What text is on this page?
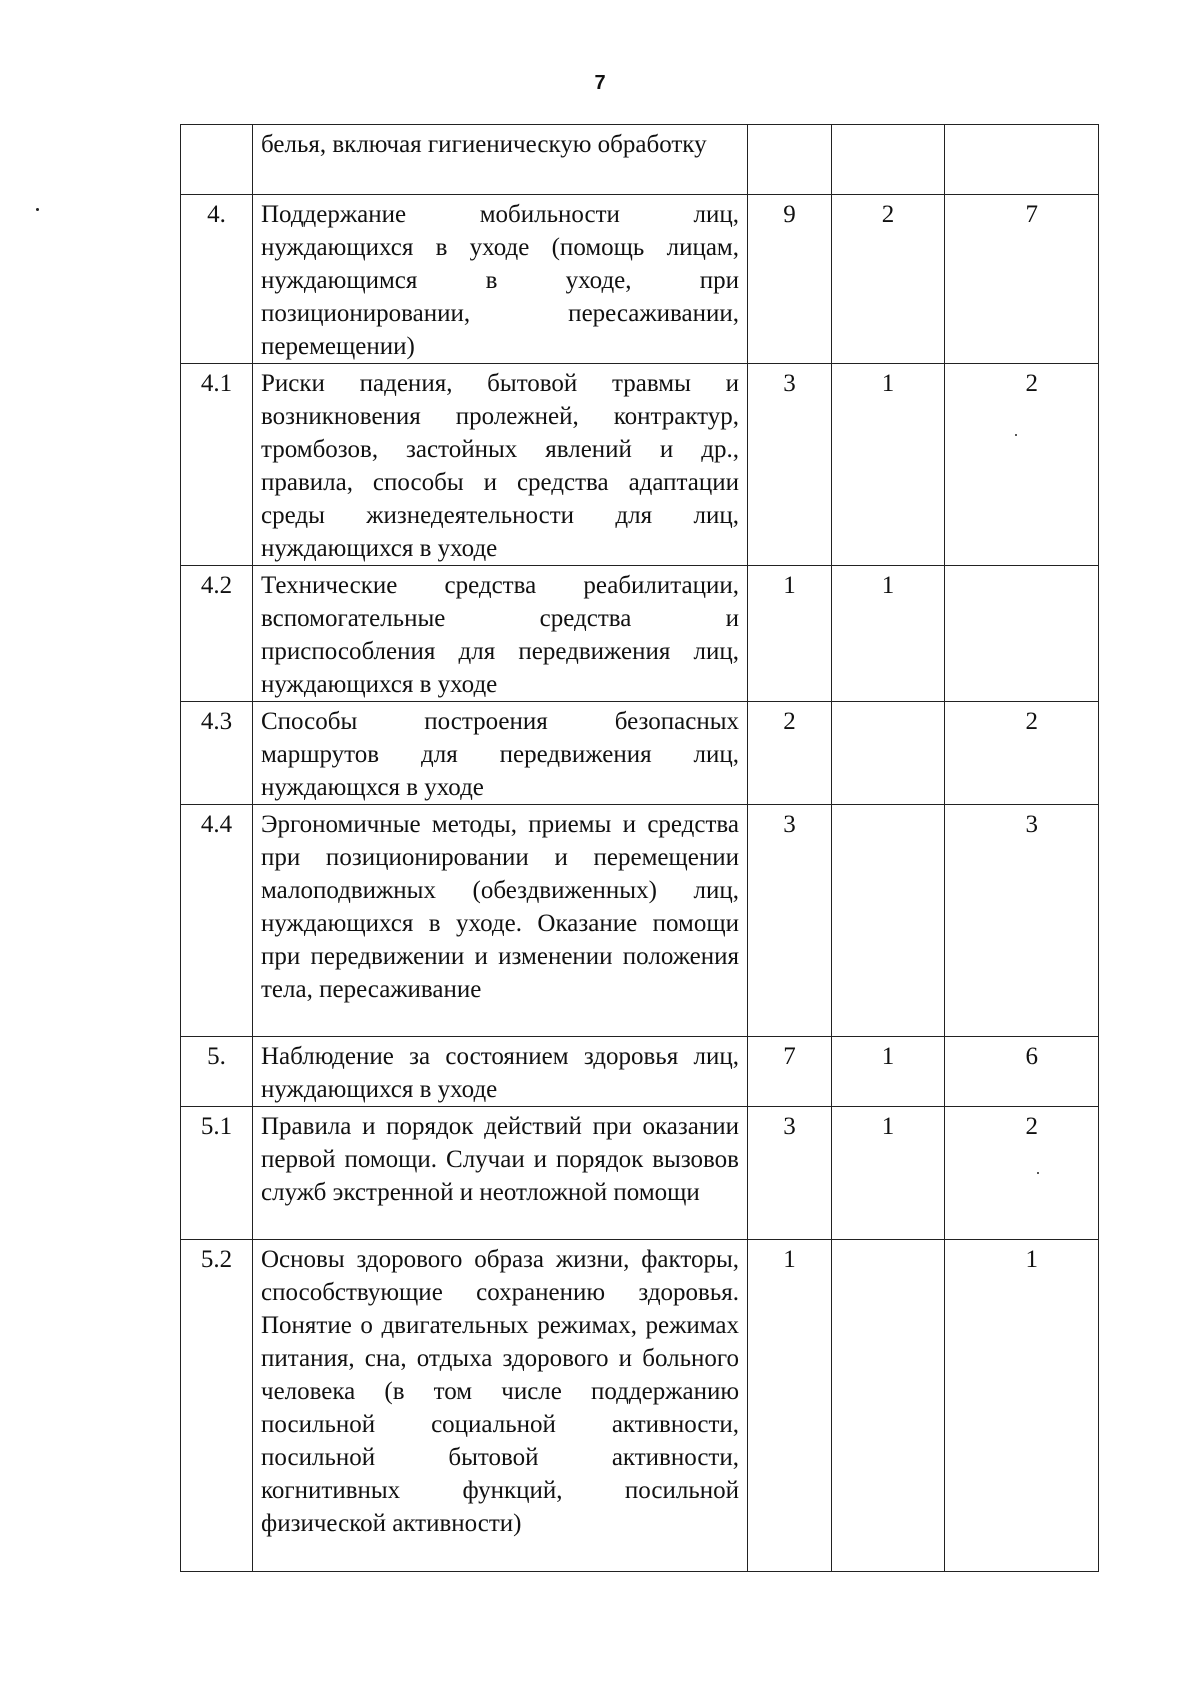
7
	белья, включая гигиеническую обработку			
4.	Поддержание мобильности лиц, нуждающихся в уходе (помощь лицам, нуждающимся в уходе, при позиционировании, пересаживании, перемещении)	9	2	7
4.1	Риски падения, бытовой травмы и возникновения пролежней, контрактур, тромбозов, застойных явлений и др., правила, способы и средства адаптации среды жизнедеятельности для лиц, нуждающихся в уходе	3	1	2
4.2	Технические средства реабилитации, вспомогательные средства и приспособления для передвижения лиц, нуждающихся в уходе	1	1	
4.3	Способы построения безопасных маршрутов для передвижения лиц, нуждающхся в уходе	2		2
4.4	Эргономичные методы, приемы и средства при позиционировании и перемещении малоподвижных (обездвиженных) лиц, нуждающихся в уходе. Оказание помощи при передвижении и изменении положения тела, пересаживание	3		3
5.	Наблюдение за состоянием здоровья лиц, нуждающихся в уходе	7	1	6
5.1	Правила и порядок действий при оказании первой помощи. Случаи и порядок вызовов служб экстренной и неотложной помощи	3	1	2
5.2	Основы здорового образа жизни, факторы, способствующие сохранению здоровья. Понятие о двигательных режимах, режимах питания, сна, отдыха здорового и больного человека (в том числе поддержанию посильной социальной активности, посильной бытовой активности, когнитивных функций, посильной физической активности)	1		1
